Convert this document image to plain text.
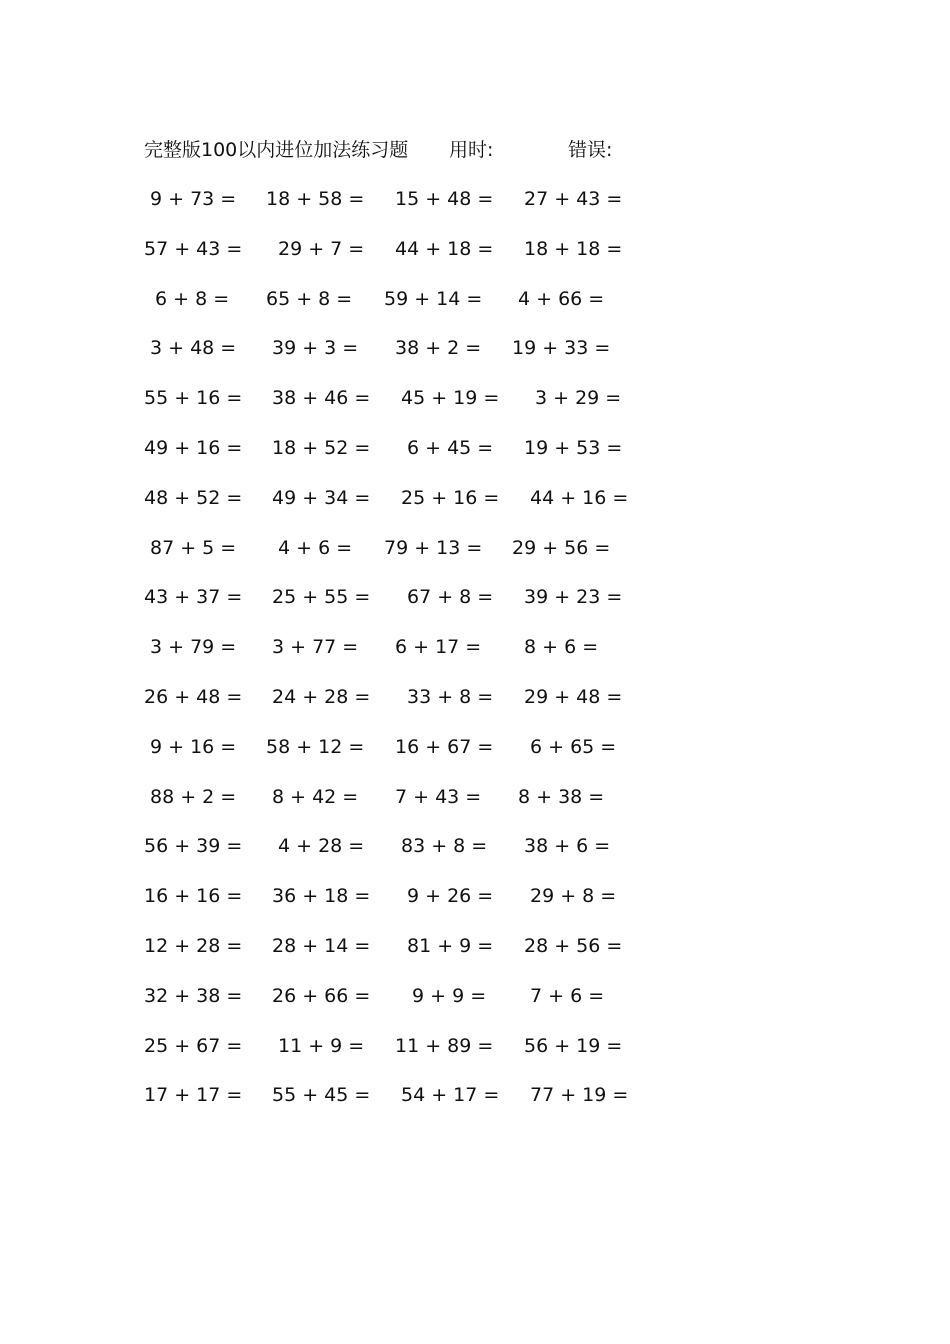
完整版100以内进位加法练习题 用时:	错误:
9 + 73 = 18 + 58 = 15 + 48 = 27 + 43 =
57 + 43 = 29 + 7 = 44 + 18 = 18 + 18 =
6 + 8 = 65 + 8 = 59 + 14 = 4 + 66 =
3 + 48 = 39 + 3 = 38 + 2 = 19 + 33 =
55 + 16 = 38 + 46 = 45 + 19 = 3 + 29 =
49 + 16 = 18 + 52 = 6 + 45 = 19 + 53 =
48 + 52 = 49 + 34 = 25 + 16 = 44 + 16 =
87 + 5 = 4 + 6 = 79 + 13 = 29 + 56 =
43 + 37 = 25 + 55 = 67 + 8 = 39 + 23 =
3 + 79 = 3 + 77 = 6 + 17 = 8 + 6 =
26 + 48 = 24 + 28 = 33 + 8 = 29 + 48 =
9 + 16 = 58 + 12 = 16 + 67 = 6 + 65 =
88 + 2 = 8 + 42 = 7 + 43 = 8 + 38 =
56 + 39 = 4 + 28 = 83 + 8 = 38 + 6 =
16 + 16 = 36 + 18 = 9 + 26 = 29 + 8 =
12 + 28 = 28 + 14 = 81 + 9 = 28 + 56 =
32 + 38 = 26 + 66 = 9 + 9 = 7 + 6 =
25 + 67 = 11 + 9 = 11 + 89 = 56 + 19 =
17 + 17 = 55 + 45 = 54 + 17 = 77 + 19 =
